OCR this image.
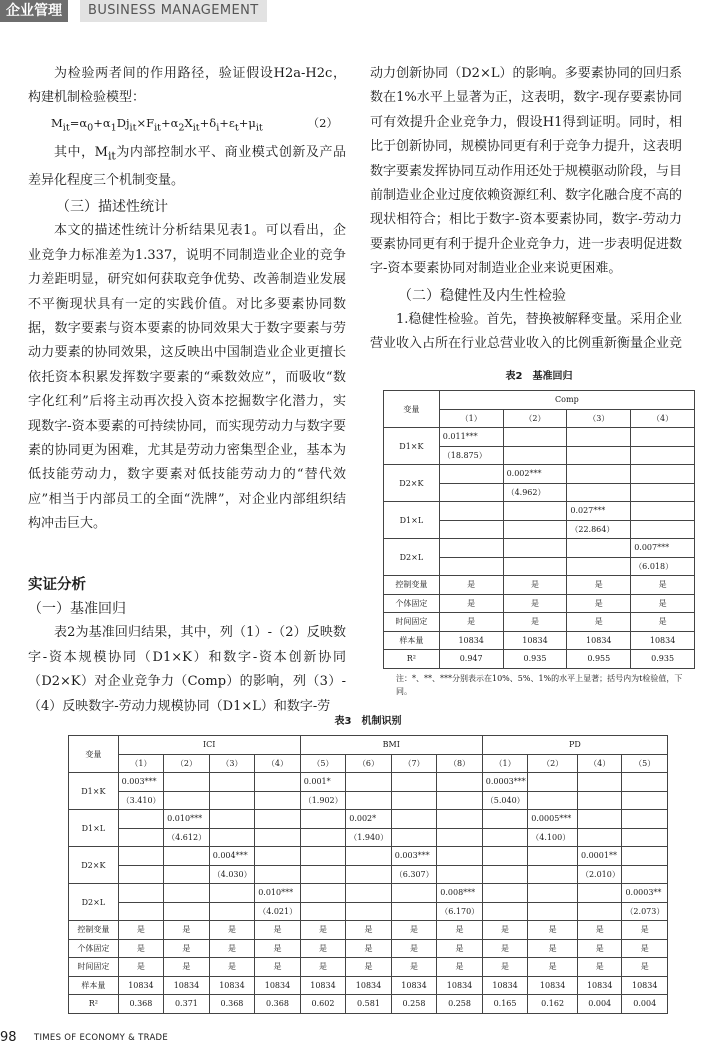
企业管理	BUSINESS MANAGEMENT

为检验两者间的作用路径，验证假设H2a-H2c，构建机制检验模型：

$M_{it}=\alpha_0+\alpha_1Dj_{it}\times F_{it}+\alpha_2X_{it}+\delta_i+\varepsilon_t+\mu_{it}$	（2）

其中，$M_{it}$为内部控制水平、商业模式创新及产品差异化程度三个机制变量。

（三）描述性统计

本文的描述性统计分析结果见表1。可以看出，企业竞争力标准差为1.337，说明不同制造业企业的竞争力差距明显，研究如何获取竞争优势、改善制造业发展不平衡现状具有一定的实践价值。对比多要素协同数据，数字要素与资本要素的协同效果大于数字要素与劳动力要素的协同效果，这反映出中国制造业企业更擅长依托资本积累发挥数字要素的“乘数效应”，而吸收“数字化红利”后将主动再次投入资本挖掘数字化潜力，实现数字-资本要素的可持续协同，而实现劳动力与数字要素的协同更为困难，尤其是劳动力密集型企业，基本为低技能劳动力，数字要素对低技能劳动力的“替代效应”相当于内部员工的全面“洗牌”，对企业内部组织结构冲击巨大。

实证分析

（一）基准回归

表2为基准回归结果，其中，列（1）-（2）反映数字-资本规模协同（D1×K）和数字-资本创新协同（D2×K）对企业竞争力（Comp）的影响，列（3）-（4）反映数字-劳动力规模协同（D1×L）和数字-劳

动力创新协同（D2×L）的影响。多要素协同的回归系数在1%水平上显著为正，这表明，数字-现存要素协同可有效提升企业竞争力，假设H1得到证明。同时，相比于创新协同，规模协同更有利于竞争力提升，这表明数字要素发挥协同互动作用还处于规模驱动阶段，与目前制造业企业过度依赖资源红利、数字化融合度不高的现状相符合；相比于数字-资本要素协同，数字-劳动力要素协同更有利于提升企业竞争力，进一步表明促进数字-资本要素协同对制造业企业来说更困难。

（二）稳健性及内生性检验

1.稳健性检验。首先，替换被解释变量。采用企业营业收入占所在行业总营业收入的比例重新衡量企业竞

表2　基准回归
变量	Comp			
	（1）	（2）	（3）	（4）
D1×K	0.011***			
	（18.875）			
D2×K		0.002***		
		（4.962）		
D1×L			0.027***	
			（22.864）	
D2×L				0.007***
				（6.018）
控制变量	是	是	是	是
个体固定	是	是	是	是
时间固定	是	是	是	是
样本量	10834	10834	10834	10834
R²	0.947	0.935	0.955	0.935
注：*、**、***分别表示在10%、5%、1%的水平上显著；括号内为t检验值，下同。
表3　机制识别
变量	ICI				BMI				PD			
	（1）	（2）	（3）	（4）	（5）	（6）	（7）	（8）	（1）	（2）	（4）	（5）
D1×K	0.003***				0.001*				0.0003***			
	（3.410）				（1.902）				（5.040）			
D1×L		0.010***				0.002*				0.0005***		
		（4.612）				（1.940）				（4.100）		
D2×K			0.004***				0.003***				0.0001**	
			（4.030）				（6.307）				（2.010）	
D2×L				0.010***				0.008***				0.0003**
				（4.021）				（6.170）				（2.073）
控制变量	是	是	是	是	是	是	是	是	是	是	是	是
个体固定	是	是	是	是	是	是	是	是	是	是	是	是
时间固定	是	是	是	是	是	是	是	是	是	是	是	是
样本量	10834	10834	10834	10834	10834	10834	10834	10834	10834	10834	10834	10834
R²	0.368	0.371	0.368	0.368	0.602	0.581	0.258	0.258	0.165	0.162	0.004	0.004
98 TIMES OF ECONOMY & TRADE
